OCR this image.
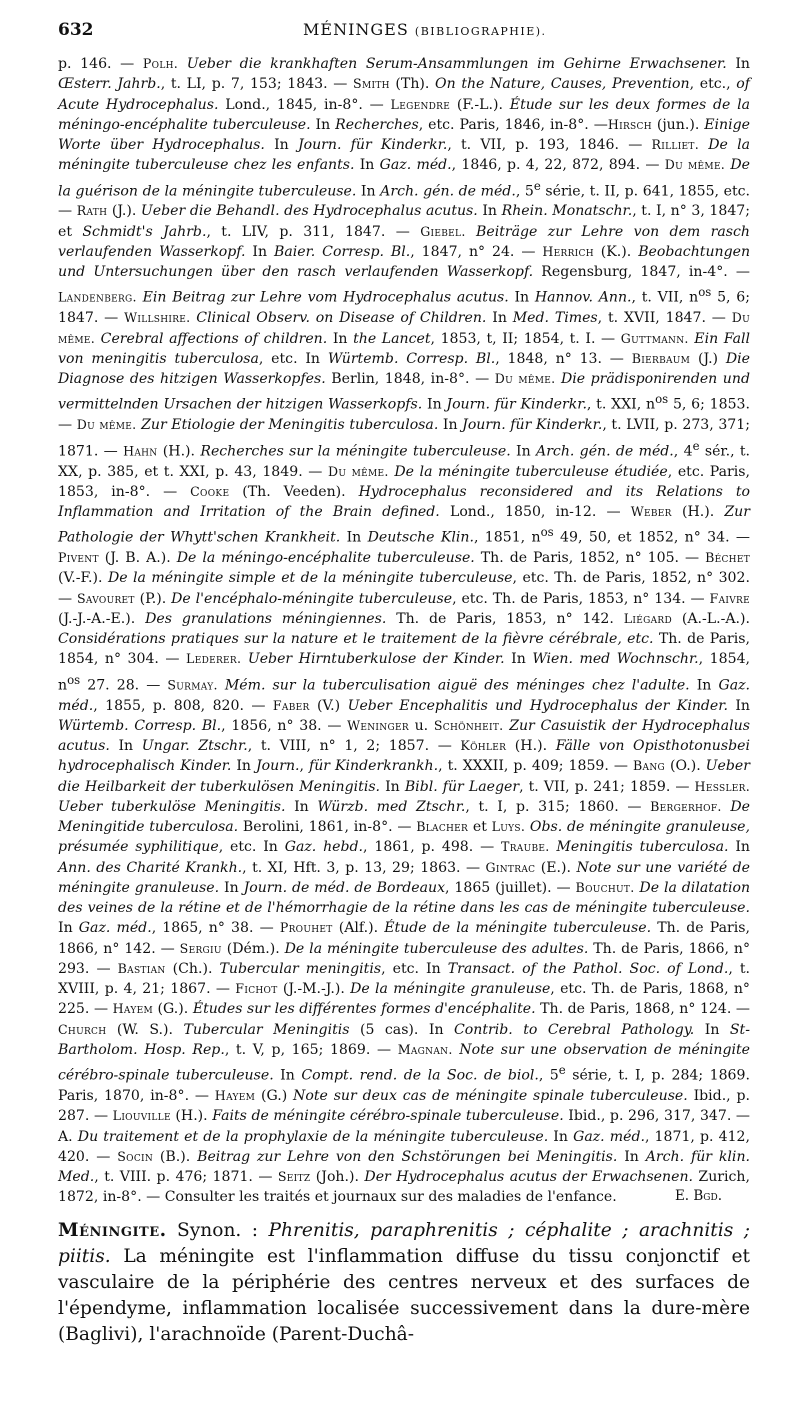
632	MÉNINGES (BIBLIOGRAPHIE).

p. 146. — Polh. Ueber die krankhaften Serum-Ansammlungen im Gehirne Erwachsener. In Œsterr. Jahrb., t. LI, p. 7, 153; 1843. — Smith (Th). On the Nature, Causes, Prevention, etc., of Acute Hydrocephalus. Lond., 1845, in-8°. — Legendre (F.-L.). Étude sur les deux formes de la méningo-encéphalite tuberculeuse. In Recherches, etc. Paris, 1846, in-8°. —Hirsch (jun.). Einige Worte über Hydrocephalus. In Journ. für Kinderkr., t. VII, p. 193, 1846. — Rilliet. De la méningite tuberculeuse chez les enfants. In Gaz. méd., 1846, p. 4, 22, 872, 894. — Du même. De la guérison de la méningite tuberculeuse. In Arch. gén. de méd., 5e série, t. II, p. 641, 1855, etc. — Rath (J.). Ueber die Behandl. des Hydrocephalus acutus. In Rhein. Monatschr., t. I, n° 3, 1847; et Schmidt's Jahrb., t. LIV, p. 311, 1847. — Giebel. Beiträge zur Lehre von dem rasch verlaufenden Wasserkopf. In Baier. Corresp. Bl., 1847, n° 24. — Herrich (K.). Beobachtungen und Untersuchungen über den rasch verlaufenden Wasserkopf. Regensburg, 1847, in-4°. — Landenberg. Ein Beitrag zur Lehre vom Hydrocephalus acutus. In Hannov. Ann., t. VII, $n^{os}$ 5, 6; 1847. — Willshire. Clinical Observ. on Disease of Children. In Med. Times, t. XVII, 1847. — Du même. Cerebral affections of children. In the Lancet, 1853, t, II; 1854, t. I. — Guttmann. Ein Fall von meningitis tuberculosa, etc. In Würtemb. Corresp. Bl., 1848, n° 13. — Bierbaum (J.) Die Diagnose des hitzigen Wasserkopfes. Berlin, 1848, in-8°. — Du même. Die prädisponirenden und vermittelnden Ursachen der hitzigen Wasserkopfs. In Journ. für Kinderkr., t. XXI, $n^{os}$ 5, 6; 1853. — Du même. Zur Etiologie der Meningitis tuberculosa. In Journ. für Kinderkr., t. LVII, p. 273, 371; 1871. — Hahn (H.). Recherches sur la méningite tuberculeuse. In Arch. gén. de méd., 4e sér., t. XX, p. 385, et t. XXI, p. 43, 1849. — Du même. De la méningite tuberculeuse étudiée, etc. Paris, 1853, in-8°. — Cooke (Th. Veeden). Hydrocephalus reconsidered and its Relations to Inflammation and Irritation of the Brain defined. Lond., 1850, in-12. — Weber (H.). Zur Pathologie der Whytt'schen Krankheit. In Deutsche Klin., 1851, $n^{os}$ 49, 50, et 1852, n° 34. — Pivent (J. B. A.). De la méningo-encéphalite tuberculeuse. Th. de Paris, 1852, n° 105. — Béchet (V.-F.). De la méningite simple et de la méningite tuberculeuse, etc. Th. de Paris, 1852, n° 302. — Savouret (P.). De l'encéphalo-méningite tuberculeuse, etc. Th. de Paris, 1853, n° 134. — Faivre (J.-J.-A.-E.). Des granulations méningiennes. Th. de Paris, 1853, n° 142. Liégard (A.-L.-A.). Considérations pratiques sur la nature et le traitement de la fièvre cérébrale, etc. Th. de Paris, 1854, n° 304. — Lederer. Ueber Hirntuberkulose der Kinder. In Wien. med Wochnschr., 1854, $n^{os}$ 27. 28. — Surmay. Mém. sur la tuberculisation aiguë des méninges chez l'adulte. In Gaz. méd., 1855, p. 808, 820. — Faber (V.) Ueber Encephalitis und Hydrocephalus der Kinder. In Würtemb. Corresp. Bl., 1856, n° 38. — Weninger u. Schönheit. Zur Casuistik der Hydrocephalus acutus. In Ungar. Ztschr., t. VIII, n° 1, 2; 1857. — Köhler (H.). Fälle von Opisthotonusbei hydrocephalisch Kinder. In Journ., für Kinderkrankh., t. XXXII, p. 409; 1859. — Bang (O.). Ueber die Heilbarkeit der tuberkulösen Meningitis. In Bibl. für Laeger, t. VII, p. 241; 1859. — Hessler. Ueber tuberkulöse Meningitis. In Würzb. med Ztschr., t. I, p. 315; 1860. — Bergerhof. De Meningitide tuberculosa. Berolini, 1861, in-8°. — Blacher et Luys. Obs. de méningite granuleuse, présumée syphilitique, etc. In Gaz. hebd., 1861, p. 498. — Traube. Meningitis tuberculosa. In Ann. des Charité Krankh., t. XI, Hft. 3, p. 13, 29; 1863. — Gintrac (E.). Note sur une variété de méningite granuleuse. In Journ. de méd. de Bordeaux, 1865 (juillet). — Bouchut. De la dilatation des veines de la rétine et de l'hémorrhagie de la rétine dans les cas de méningite tuberculeuse. In Gaz. méd., 1865, n° 38. — Prouhet (Alf.). Étude de la méningite tuberculeuse. Th. de Paris, 1866, n° 142. — Sergiu (Dém.). De la méningite tuberculeuse des adultes. Th. de Paris, 1866, n° 293. — Bastian (Ch.). Tubercular meningitis, etc. In Transact. of the Pathol. Soc. of Lond., t. XVIII, p. 4, 21; 1867. — Fichot (J.-M.-J.). De la méningite granuleuse, etc. Th. de Paris, 1868, n° 225. — Hayem (G.). Études sur les différentes formes d'encéphalite. Th. de Paris, 1868, n° 124. — Church (W. S.). Tubercular Meningitis (5 cas). In Contrib. to Cerebral Pathology. In St-Bartholom. Hosp. Rep., t. V, p, 165; 1869. — Magnan. Note sur une observation de méningite cérébro-spinale tuberculeuse. In Compt. rend. de la Soc. de biol., 5e série, t. I, p. 284; 1869. Paris, 1870, in-8°. — Hayem (G.) Note sur deux cas de méningite spinale tuberculeuse. Ibid., p. 287. — Liouville (H.). Faits de méningite cérébro-spinale tuberculeuse. Ibid., p. 296, 317, 347. — A. Du traitement et de la prophylaxie de la méningite tuberculeuse. In Gaz. méd., 1871, p. 412, 420. — Socin (B.). Beitrag zur Lehre von den Schstörungen bei Meningitis. In Arch. für klin. Med., t. VIII. p. 476; 1871. — Seitz (Joh.). Der Hydrocephalus acutus der Erwachsenen. Zurich, 1872, in-8°. — Consulter les traités et journaux sur des maladies de l'enfance.	E. Bgd.

Méningite. Synon. : Phrenitis, paraphrenitis ; céphalite ; arachnitis ; piitis. La méningite est l'inflammation diffuse du tissu conjonctif et vasculaire de la périphérie des centres nerveux et des surfaces de l'épendyme, inflammation localisée successivement dans la dure-mère (Baglivi), l'arachnoïde (Parent-Duchâ-
